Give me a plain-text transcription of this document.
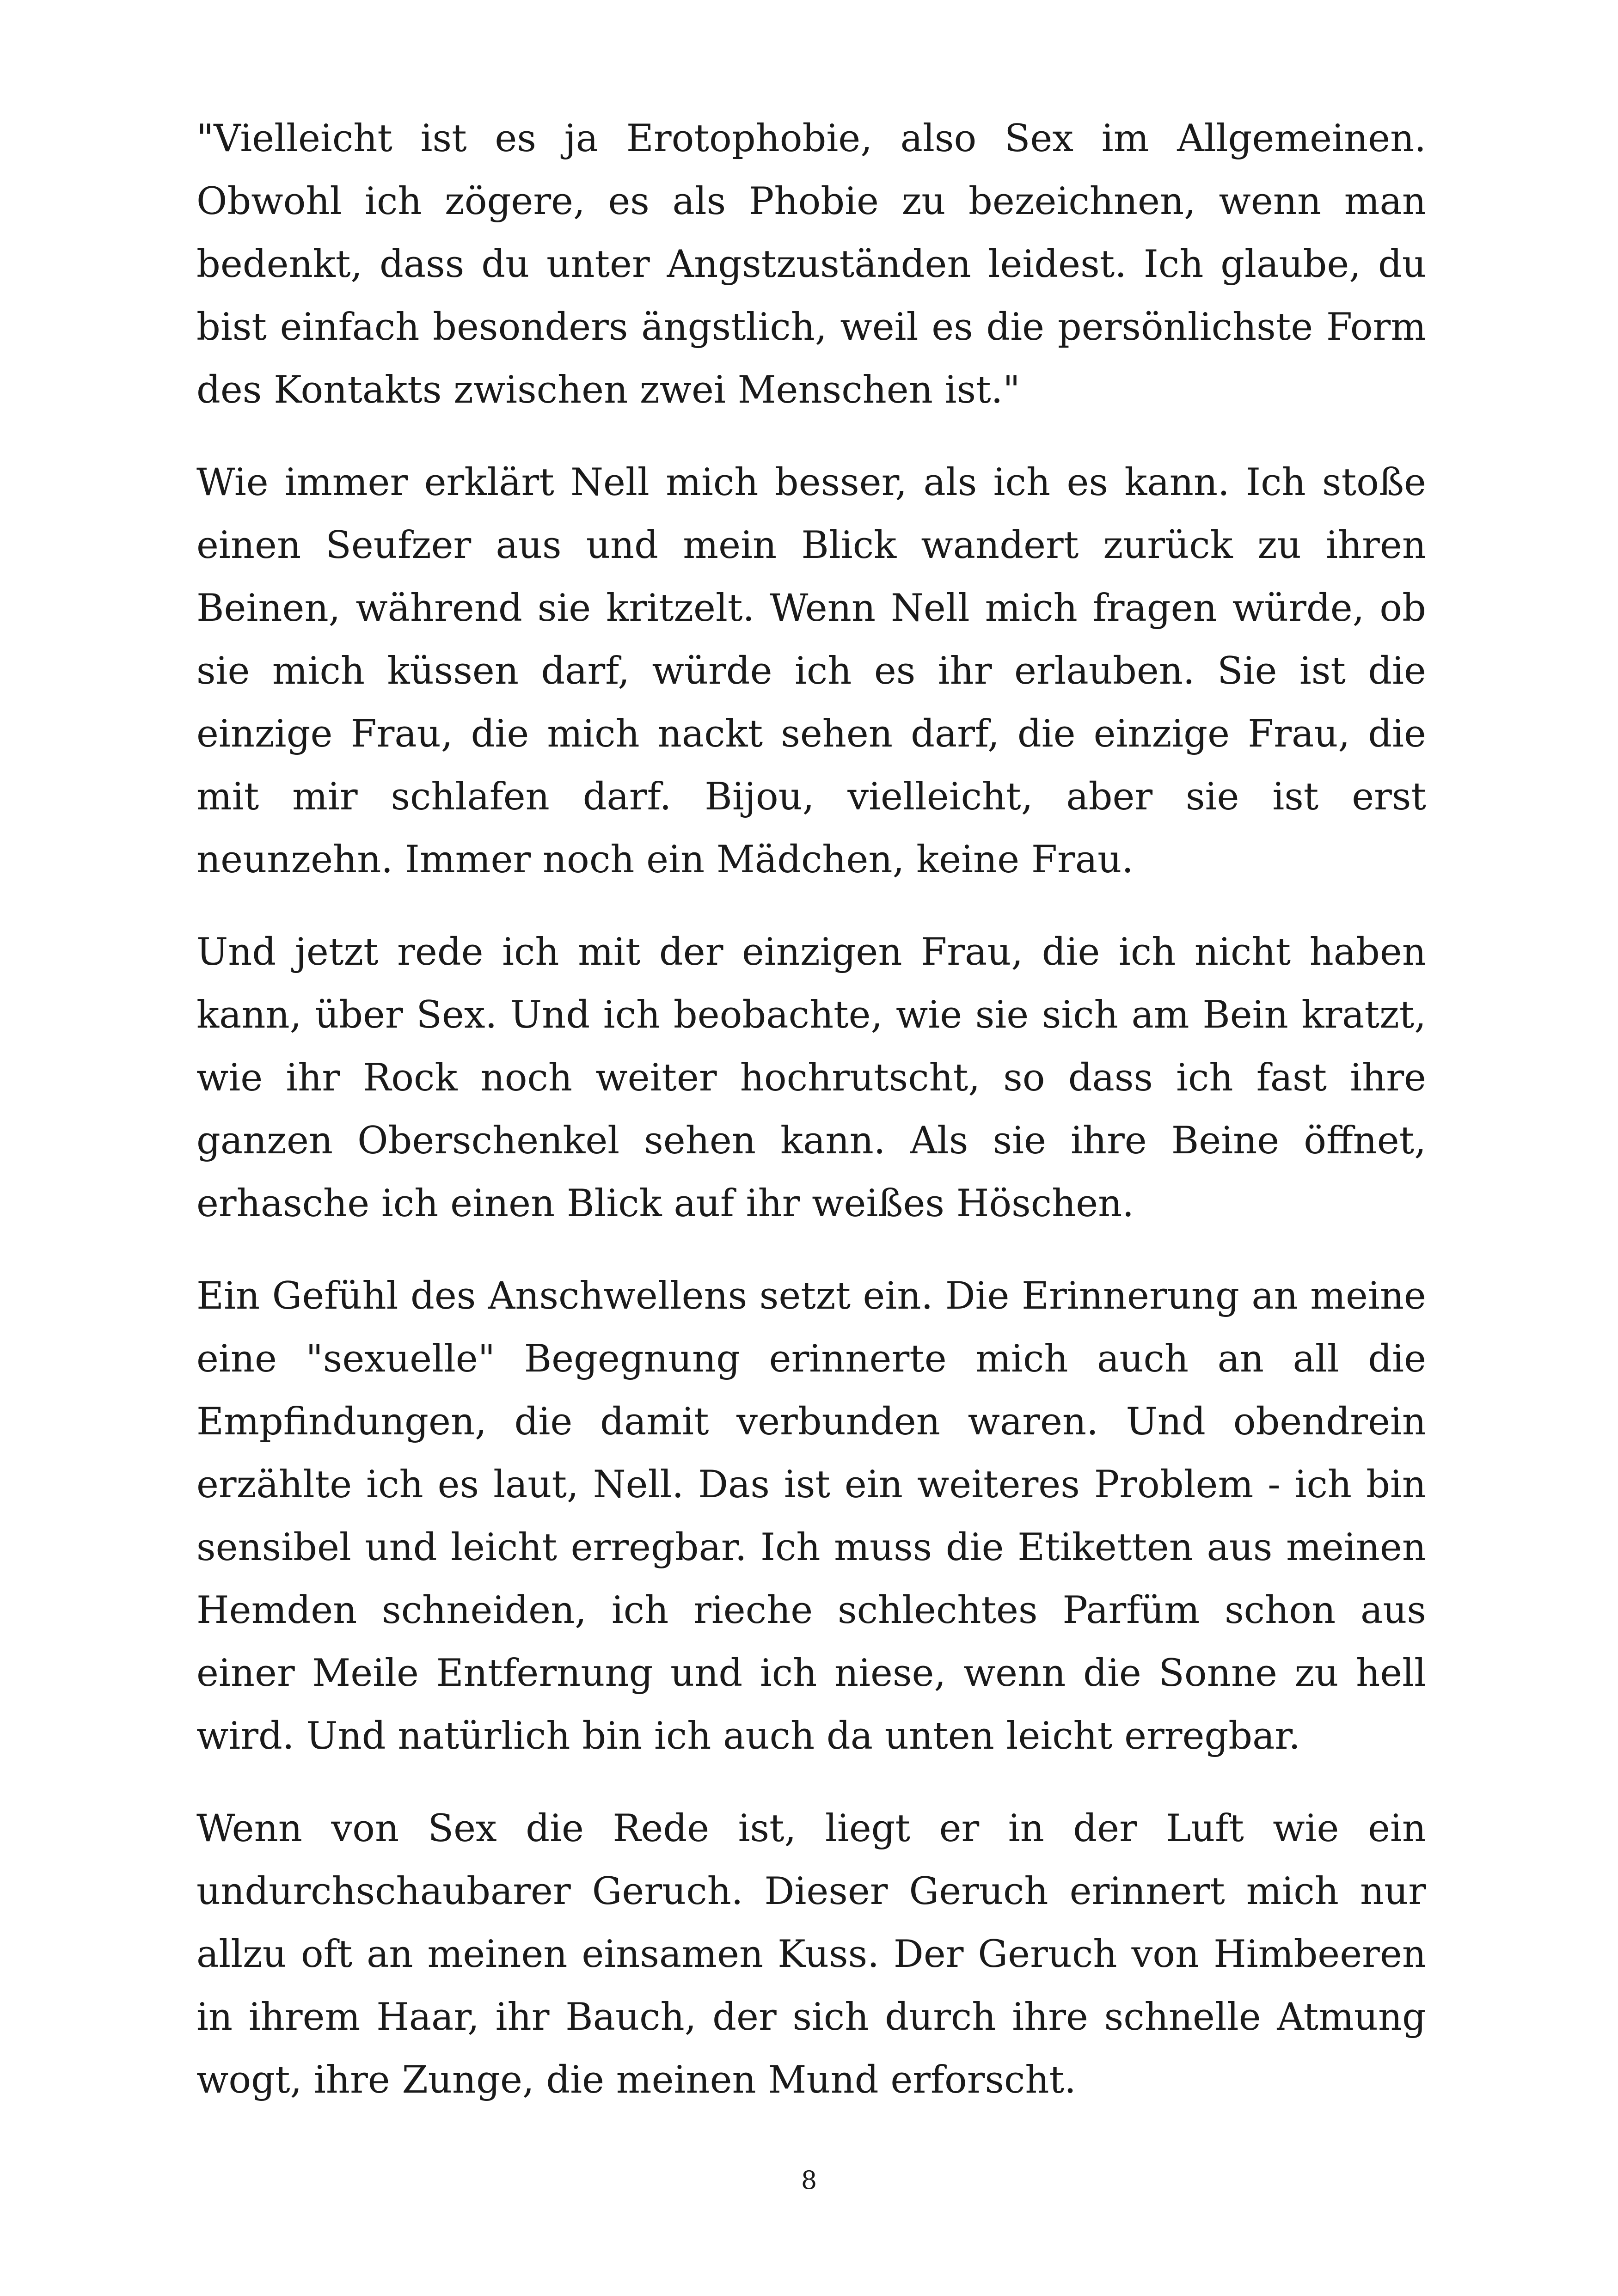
"Vielleicht ist es ja Erotophobie, also Sex im Allgemeinen. Obwohl ich zögere, es als Phobie zu bezeichnen, wenn man bedenkt, dass du unter Angstzuständen leidest. Ich glaube, du bist einfach besonders ängstlich, weil es die persönlichste Form des Kontakts zwischen zwei Menschen ist."

Wie immer erklärt Nell mich besser, als ich es kann. Ich stoße einen Seufzer aus und mein Blick wandert zurück zu ihren Beinen, während sie kritzelt. Wenn Nell mich fragen würde, ob sie mich küssen darf, würde ich es ihr erlauben. Sie ist die einzige Frau, die mich nackt sehen darf, die einzige Frau, die mit mir schlafen darf. Bijou, vielleicht, aber sie ist erst neunzehn. Immer noch ein Mädchen, keine Frau.

Und jetzt rede ich mit der einzigen Frau, die ich nicht haben kann, über Sex. Und ich beobachte, wie sie sich am Bein kratzt, wie ihr Rock noch weiter hochrutscht, so dass ich fast ihre ganzen Oberschenkel sehen kann. Als sie ihre Beine öffnet, erhasche ich einen Blick auf ihr weißes Höschen.

Ein Gefühl des Anschwellens setzt ein. Die Erinnerung an meine eine "sexuelle" Begegnung erinnerte mich auch an all die Empfindungen, die damit verbunden waren. Und obendrein erzählte ich es laut, Nell. Das ist ein weiteres Problem - ich bin sensibel und leicht erregbar. Ich muss die Etiketten aus meinen Hemden schneiden, ich rieche schlechtes Parfüm schon aus einer Meile Entfernung und ich niese, wenn die Sonne zu hell wird. Und natürlich bin ich auch da unten leicht erregbar.

Wenn von Sex die Rede ist, liegt er in der Luft wie ein undurchschaubarer Geruch. Dieser Geruch erinnert mich nur allzu oft an meinen einsamen Kuss. Der Geruch von Himbeeren in ihrem Haar, ihr Bauch, der sich durch ihre schnelle Atmung wogt, ihre Zunge, die meinen Mund erforscht.

8
